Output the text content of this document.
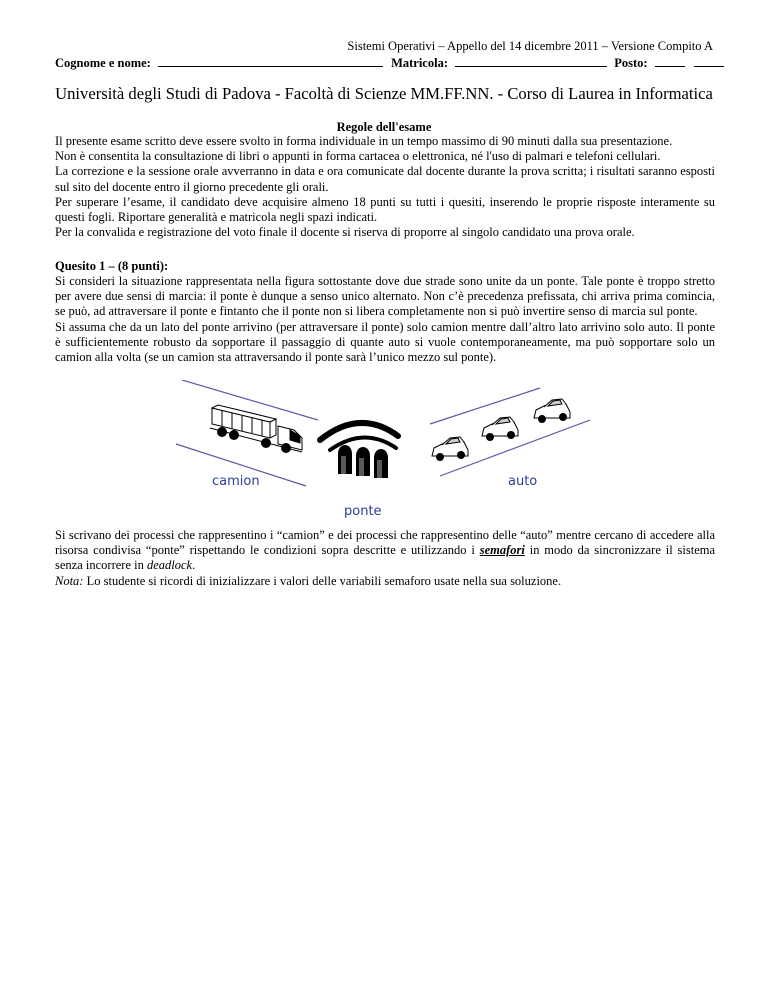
Sistemi Operativi – Appello del 14 dicembre 2011 – Versione Compito A
Cognome e nome:	Matricola:	Posto:
Università degli Studi di Padova - Facoltà di Scienze MM.FF.NN. - Corso di Laurea in Informatica
Regole dell'esame

Il presente esame scritto deve essere svolto in forma individuale in un tempo massimo di 90 minuti dalla sua presentazione.

Non è consentita la consultazione di libri o appunti in forma cartacea o elettronica, né l'uso di palmari e telefoni cellulari.

La correzione e la sessione orale avverranno in data e ora comunicate dal docente durante la prova scritta; i risultati saranno esposti sul sito del docente entro il giorno precedente gli orali.

Per superare l’esame, il candidato deve acquisire almeno 18 punti su tutti i quesiti, inserendo le proprie risposte interamente su questi fogli. Riportare generalità e matricola negli spazi indicati.

Per la convalida e registrazione del voto finale il docente si riserva di proporre al singolo candidato una prova orale.

Quesito 1 – (8 punti):

Si consideri la situazione rappresentata nella figura sottostante dove due strade sono unite da un ponte. Tale ponte è troppo stretto per avere due sensi di marcia: il ponte è dunque a senso unico alternato. Non c’è precedenza prefissata, chi arriva prima comincia, se può, ad attraversare il ponte e fintanto che il ponte non si libera completamente non si può invertire senso di marcia sul ponte.

Si assuma che da un lato del ponte arrivino (per attraversare il ponte) solo camion mentre dall’altro lato arrivino solo auto. Il ponte è sufficientemente robusto da sopportare il passaggio di quante auto si vuole contemporaneamente, ma può sopportare solo un camion alla volta (se un camion sta attraversando il ponte sarà l’unico mezzo sul ponte).

camion	auto
ponte

Si scrivano dei processi che rappresentino i “camion” e dei processi che rappresentino delle “auto” mentre cercano di accedere alla risorsa condivisa “ponte” rispettando le condizioni sopra descritte e utilizzando i semafori in modo da sincronizzare il sistema senza incorrere in deadlock.

Nota: Lo studente si ricordi di inizializzare i valori delle variabili semaforo usate nella sua soluzione.
